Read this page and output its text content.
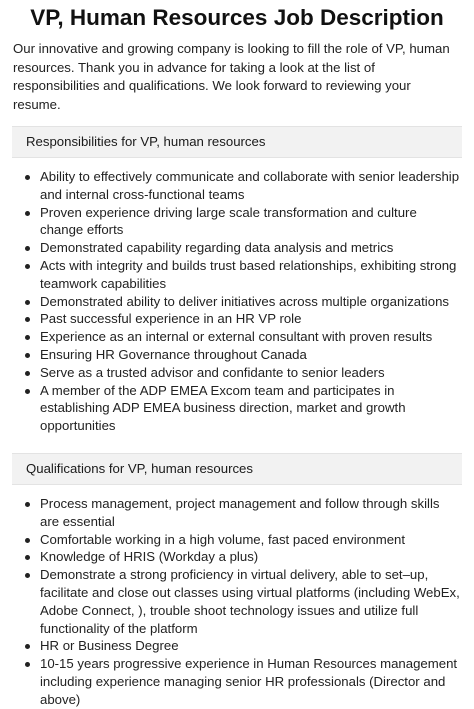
VP, Human Resources Job Description

Our innovative and growing company is looking to fill the role of VP, human resources. Thank you in advance for taking a look at the list of responsibilities and qualifications. We look forward to reviewing your resume.

Responsibilities for VP, human resources
Ability to effectively communicate and collaborate with senior leadership and internal cross-functional teams
Proven experience driving large scale transformation and culture change efforts
Demonstrated capability regarding data analysis and metrics
Acts with integrity and builds trust based relationships, exhibiting strong teamwork capabilities
Demonstrated ability to deliver initiatives across multiple organizations
Past successful experience in an HR VP role
Experience as an internal or external consultant with proven results
Ensuring HR Governance throughout Canada
Serve as a trusted advisor and confidante to senior leaders
A member of the ADP EMEA Excom team and participates in establishing ADP EMEA business direction, market and growth opportunities
Qualifications for VP, human resources
Process management, project management and follow through skills are essential
Comfortable working in a high volume, fast paced environment
Knowledge of HRIS (Workday a plus)
Demonstrate a strong proficiency in virtual delivery, able to set–up, facilitate and close out classes using virtual platforms (including WebEx, Adobe Connect, ), trouble shoot technology issues and utilize full functionality of the platform
HR or Business Degree
10-15 years progressive experience in Human Resources management including experience managing senior HR professionals (Director and above)
